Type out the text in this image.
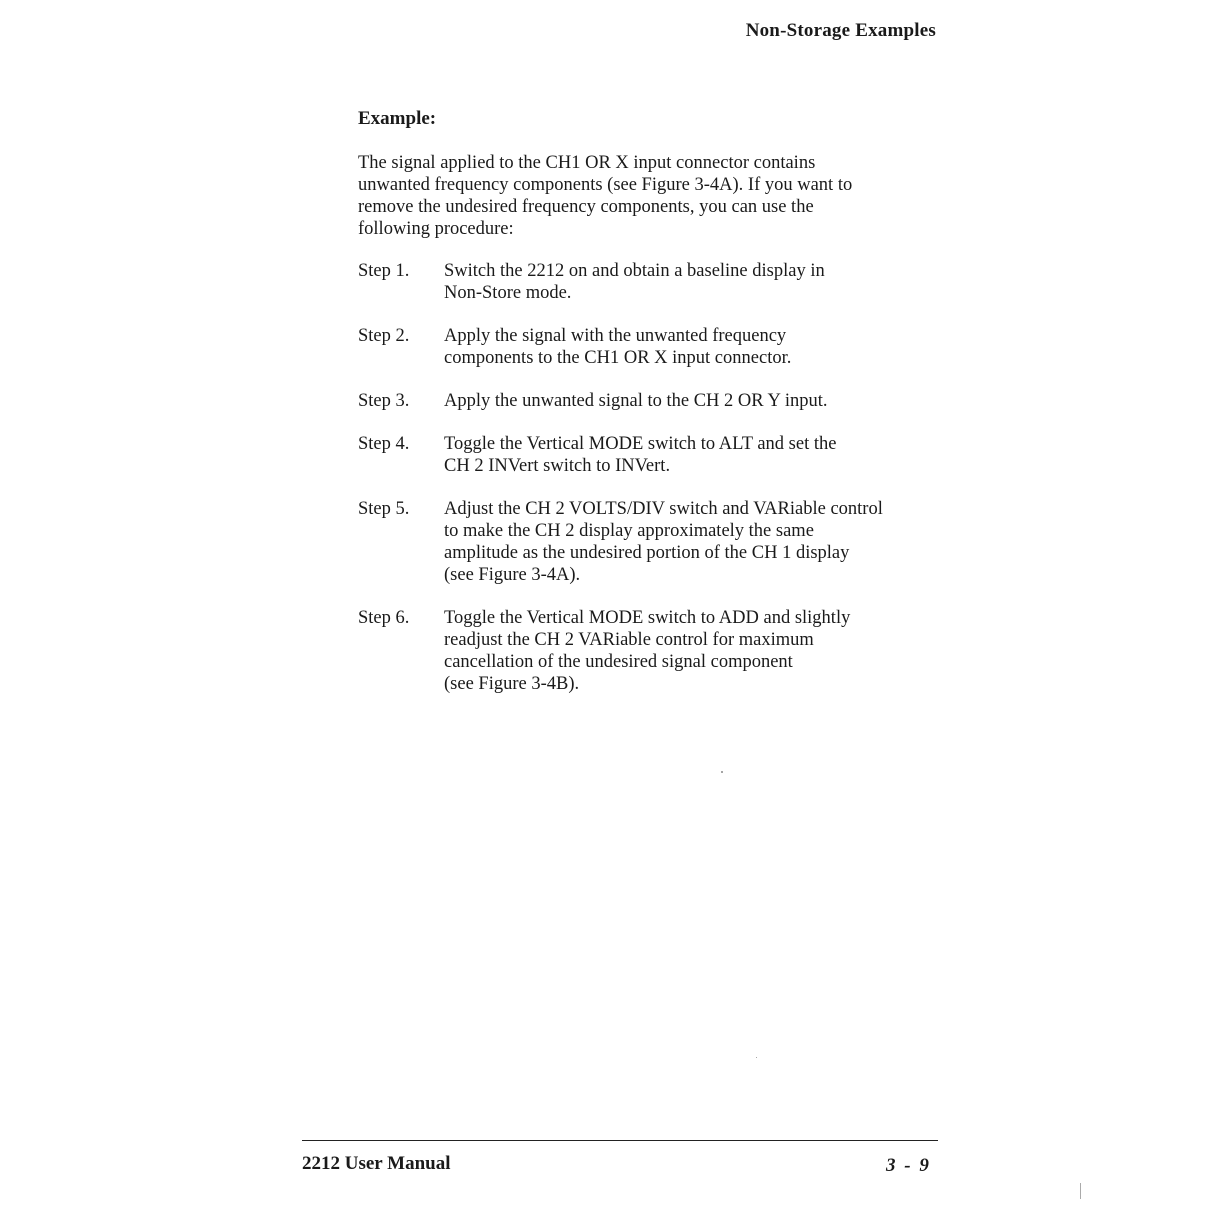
Non-Storage Examples
Example:

The signal applied to the CH1 OR X input connector contains
unwanted frequency components (see Figure 3-4A). If you want to
remove the undesired frequency components, you can use the
following procedure:

Step 1.	Switch the 2212 on and obtain a baseline display in
Non-Store mode.
Step 2.	Apply the signal with the unwanted frequency
components to the CH1 OR X input connector.
Step 3.	Apply the unwanted signal to the CH 2 OR Y input.
Step 4.	Toggle the Vertical MODE switch to ALT and set the
CH 2 INVert switch to INVert.
Step 5.	Adjust the CH 2 VOLTS/DIV switch and VARiable control
to make the CH 2 display approximately the same
amplitude as the undesired portion of the CH 1 display
(see Figure 3-4A).
Step 6.	Toggle the Vertical MODE switch to ADD and slightly
readjust the CH 2 VARiable control for maximum
cancellation of the undesired signal component
(see Figure 3-4B).
2212 User Manual	3 - 9
